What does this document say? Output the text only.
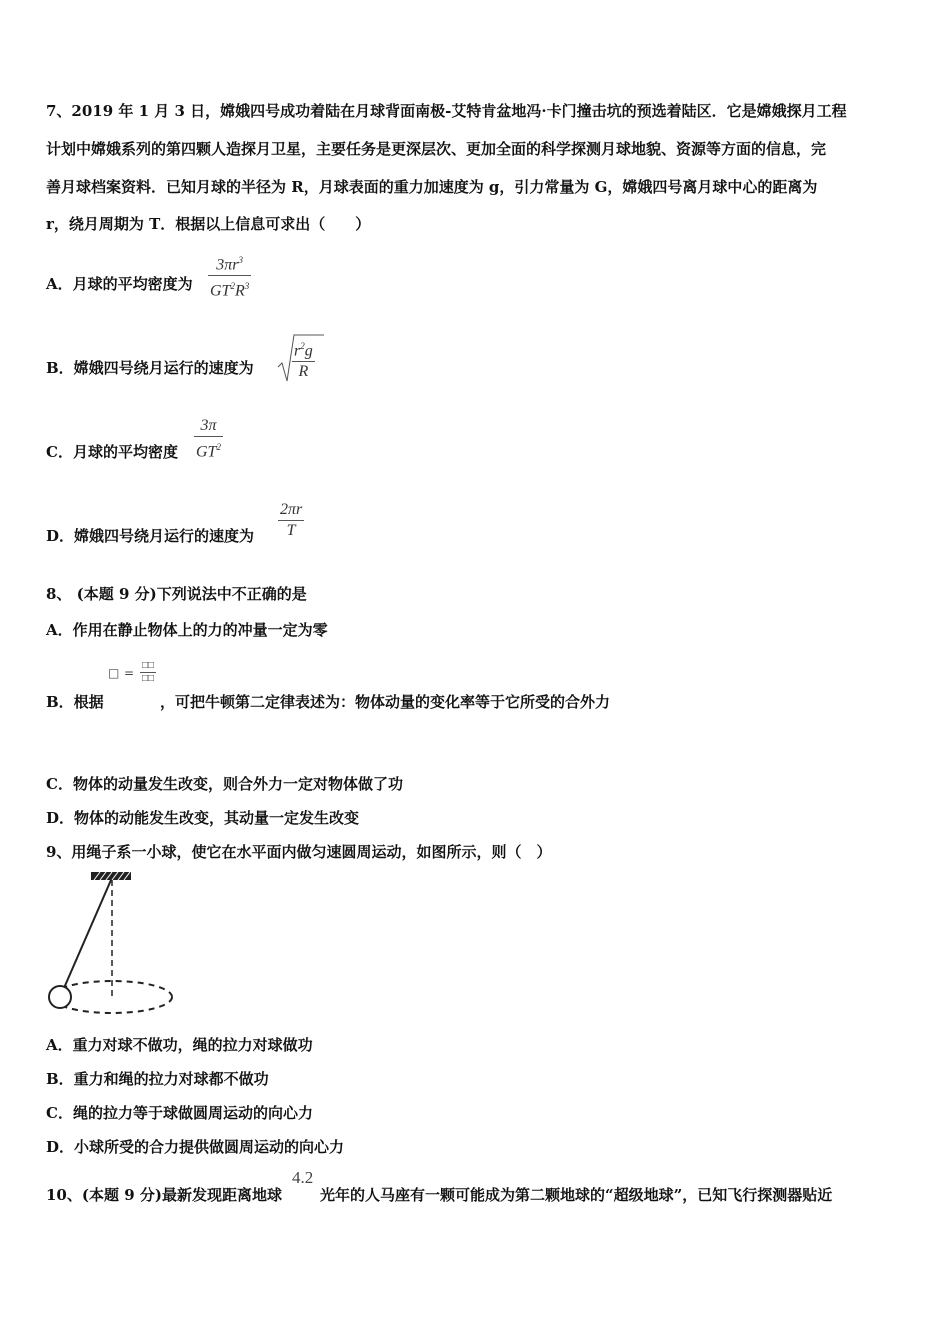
7、2019 年 1 月 3 日，嫦娥四号成功着陆在月球背面南极-艾特肯盆地冯·卡门撞击坑的预选着陆区．它是嫦娥探月工程
计划中嫦娥系列的第四颗人造探月卫星，主要任务是更深层次、更加全面的科学探测月球地貌、资源等方面的信息，完
善月球档案资料．已知月球的半径为 R，月球表面的重力加速度为 g，引力常量为 G，嫦娥四号离月球中心的距离为
r，绕月周期为 T．根据以上信息可求出（　　）
A．月球的平均密度为
$3\pi r^3$
$GT^2R^3$
B．嫦娥四号绕月运行的速度为
$r^2g$
R
C．月球的平均密度
3π
$GT^2$
D．嫦娥四号绕月运行的速度为
2πr
T
8、 (本题 9 分)下列说法中不正确的是
A．作用在静止物体上的力的冲量一定为零
□ =
□□
□□
B．根据	，可把牛顿第二定律表述为：物体动量的变化率等于它所受的合外力
C．物体的动量发生改变，则合外力一定对物体做了功
D．物体的动能发生改变，其动量一定发生改变
9、用绳子系一小球，使它在水平面内做匀速圆周运动，如图所示，则（　）
A．重力对球不做功，绳的拉力对球做功
B．重力和绳的拉力对球都不做功
C．绳的拉力等于球做圆周运动的向心力
D．小球所受的合力提供做圆周运动的向心力
10、(本题 9 分)最新发现距离地球
4.2
光年的人马座有一颗可能成为第二颗地球的“超级地球”，已知飞行探测器贴近
